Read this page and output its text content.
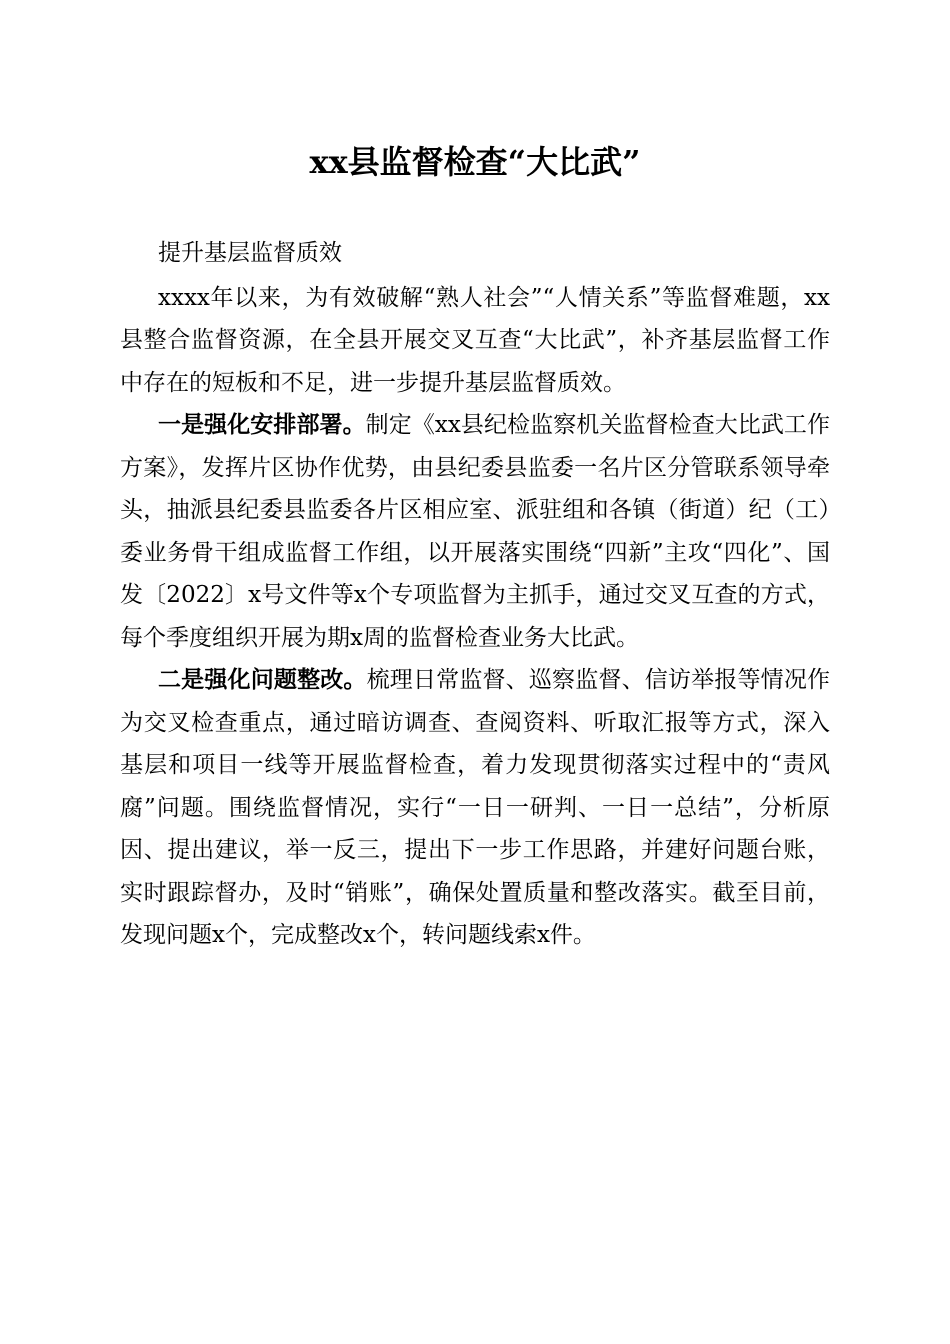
xx县监督检查“大比武”

提升基层监督质效

xxxx年以来，为有效破解“熟人社会”“人情关系”等监督难题，xx县整合监督资源，在全县开展交叉互查“大比武”，补齐基层监督工作中存在的短板和不足，进一步提升基层监督质效。

一是强化安排部署。制定《xx县纪检监察机关监督检查大比武工作方案》，发挥片区协作优势，由县纪委县监委一名片区分管联系领导牵头，抽派县纪委县监委各片区相应室、派驻组和各镇（街道）纪（工）委业务骨干组成监督工作组，以开展落实围绕“四新”主攻“四化”、国发〔2022〕x号文件等x个专项监督为主抓手，通过交叉互查的方式，每个季度组织开展为期x周的监督检查业务大比武。

二是强化问题整改。梳理日常监督、巡察监督、信访举报等情况作为交叉检查重点，通过暗访调查、查阅资料、听取汇报等方式，深入基层和项目一线等开展监督检查，着力发现贯彻落实过程中的“责风腐”问题。围绕监督情况，实行“一日一研判、一日一总结”，分析原因、提出建议，举一反三，提出下一步工作思路，并建好问题台账，实时跟踪督办，及时“销账”，确保处置质量和整改落实。截至目前，发现问题x个，完成整改x个，转问题线索x件。
